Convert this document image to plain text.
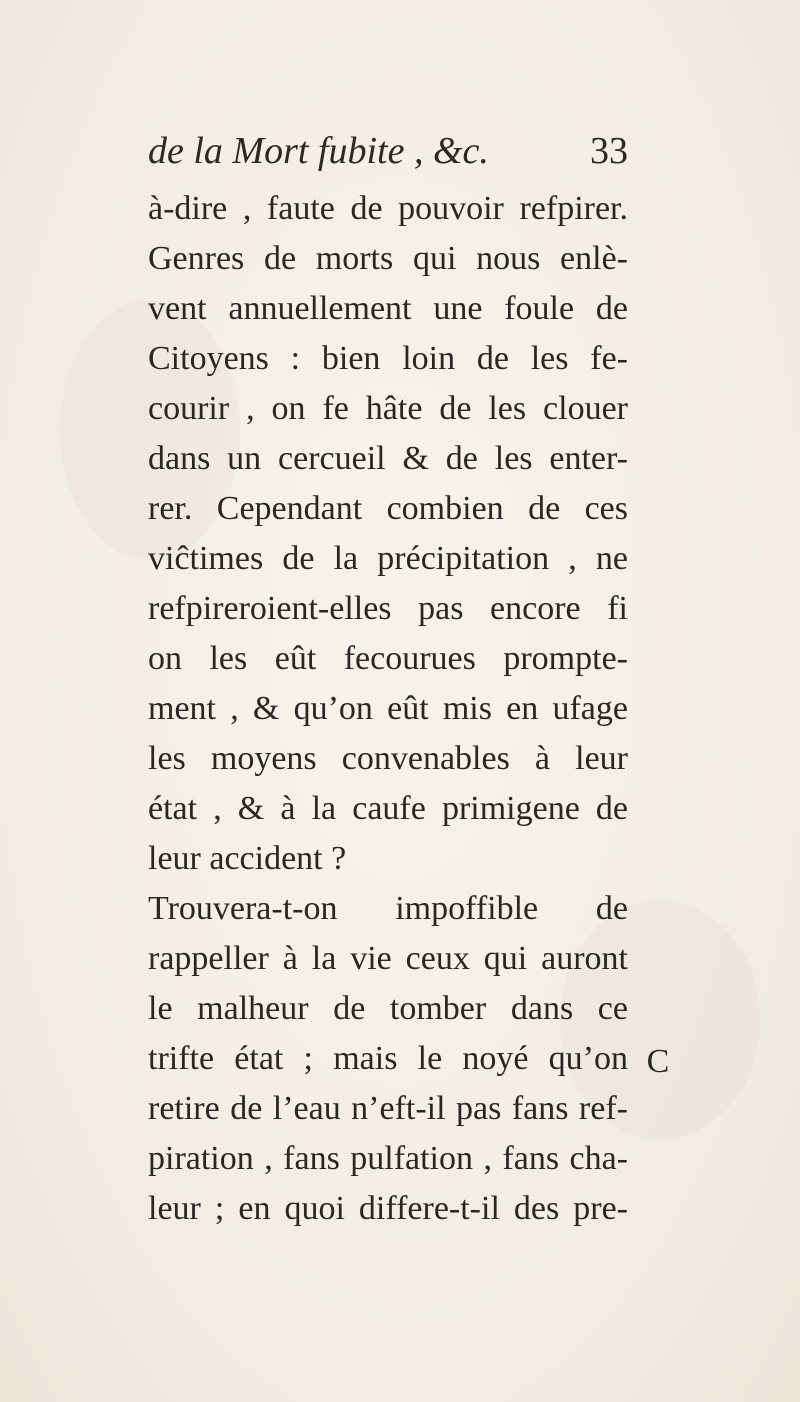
de la Mort fubite , &c.	33
à-dire , faute de pouvoir refpirer.
Genres de morts qui nous enlè-
vent annuellement une foule de
Citoyens : bien loin de les fe-
courir , on fe hâte de les clouer
dans un cercueil & de les enter-
rer. Cependant combien de ces
viĉtimes de la précipitation , ne
refpireroient-elles pas encore fi
on les eût fecourues prompte-
ment , & qu’on eût mis en ufage
les moyens convenables à leur
état , & à la caufe primigene de
leur accident ?
Trouvera-t-on impoffible de
rappeller à la vie ceux qui auront
le malheur de tomber dans ce
trifte état ; mais le noyé qu’on
retire de l’eau n’eft-il pas fans ref-
piration , fans pulfation , fans cha-
leur ; en quoi differe-t-il des pre-
C
